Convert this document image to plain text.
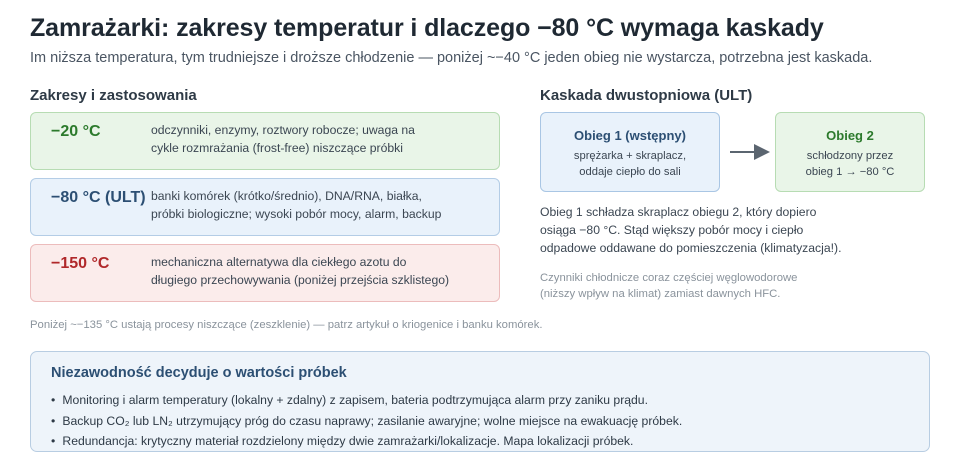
Zamrażarki: zakresy temperatur i dlaczego −80 °C wymaga kaskady
Im niższa temperatura, tym trudniejsze i droższe chłodzenie — poniżej ~−40 °C jeden obieg nie wystarcza, potrzebna jest kaskada.
Zakresy i zastosowania	Kaskada dwustopniowa (ULT)
−20 °C	odczynniki, enzymy, roztwory robocze; uwaga na
cykle rozmrażania (frost-free) niszczące próbki
−80 °C (ULT) banki komórek (krótko/średnio), DNA/RNA, białka,
próbki biologiczne; wysoki pobór mocy, alarm, backup
−150 °C	mechaniczna alternatywa dla ciekłego azotu do
długiego przechowywania (poniżej przejścia szklistego)
Obieg 1 (wstępny)
sprężarka + skraplacz,
oddaje ciepło do sali
Obieg 2
schłodzony przez
obieg 1 → −80 °C
Obieg 1 schładza skraplacz obiegu 2, który dopiero
osiąga −80 °C. Stąd większy pobór mocy i ciepło
odpadowe oddawane do pomieszczenia (klimatyzacja!).
Czynniki chłodnicze coraz częściej węglowodorowe
(niższy wpływ na klimat) zamiast dawnych HFC.
Poniżej ~−135 °C ustają procesy niszczące (zeszklenie) — patrz artykuł o kriogenice i banku komórek.
Niezawodność decyduje o wartości próbek
• Monitoring i alarm temperatury (lokalny + zdalny) z zapisem, bateria podtrzymująca alarm przy zaniku prądu.
• Backup CO₂ lub LN₂ utrzymujący próg do czasu naprawy; zasilanie awaryjne; wolne miejsce na ewakuację próbek.
• Redundancja: krytyczny materiał rozdzielony między dwie zamrażarki/lokalizacje. Mapa lokalizacji próbek.
